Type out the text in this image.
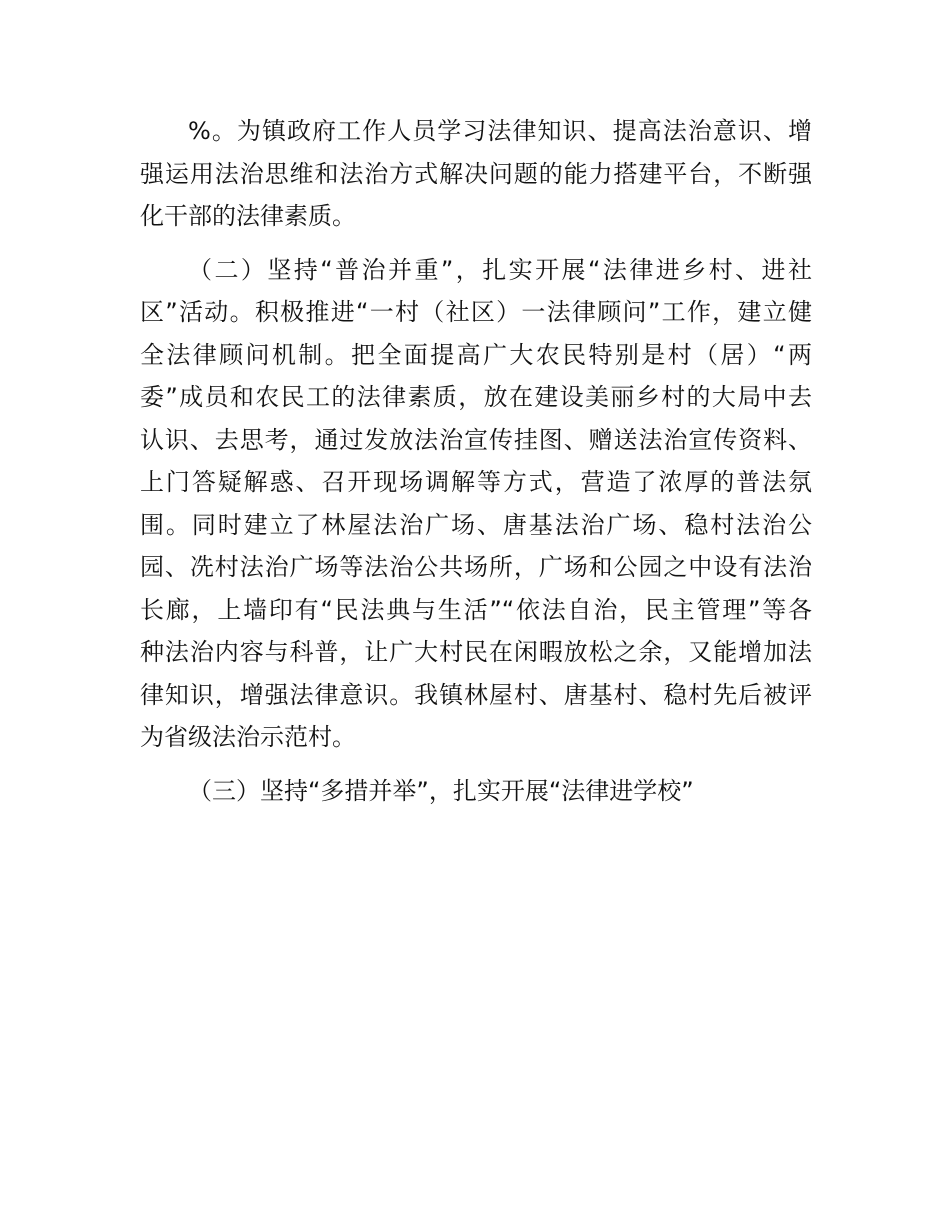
%。为镇政府工作人员学习法律知识、提高法治意识、增
强运用法治思维和法治方式解决问题的能力搭建平台，不断强
化干部的法律素质。
（二）坚持“普治并重”，扎实开展“法律进乡村、进社
区”活动。积极推进“一村（社区）一法律顾问”工作，建立健
全法律顾问机制。把全面提高广大农民特别是村（居）“两
委”成员和农民工的法律素质，放在建设美丽乡村的大局中去
认识、去思考，通过发放法治宣传挂图、赠送法治宣传资料、
上门答疑解惑、召开现场调解等方式，营造了浓厚的普法氛
围。同时建立了林屋法治广场、唐基法治广场、稳村法治公
园、冼村法治广场等法治公共场所，广场和公园之中设有法治
长廊，上墙印有“民法典与生活”“依法自治，民主管理”等各
种法治内容与科普，让广大村民在闲暇放松之余，又能增加法
律知识，增强法律意识。我镇林屋村、唐基村、稳村先后被评
为省级法治示范村。
（三）坚持“多措并举”，扎实开展“法律进学校”
